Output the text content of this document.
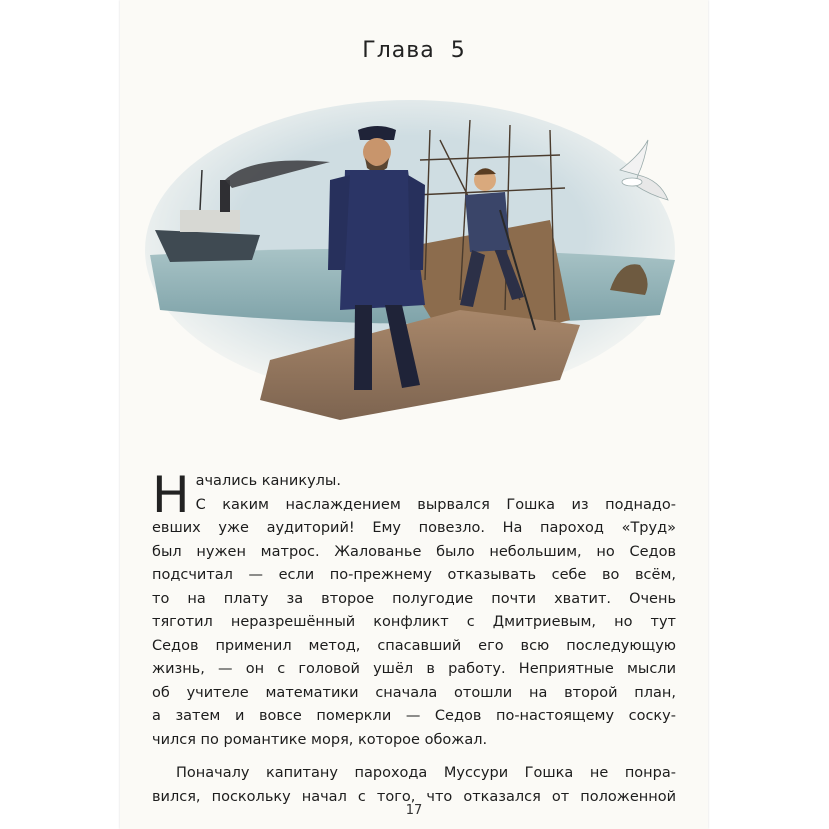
Глава 5

Н ачались каникулы.
С каким наслаждением вырвался Гошка из поднадо-
евших уже аудиторий! Ему повезло. На пароход «Труд»
был нужен матрос. Жалованье было небольшим, но Седов
подсчитал — если по-прежнему отказывать себе во всём,
то на плату за второе полугодие почти хватит. Очень
тяготил неразрешённый конфликт с Дмитриевым, но тут
Седов применил метод, спасавший его всю последующую
жизнь, — он с головой ушёл в работу. Неприятные мысли
об учителе математики сначала отошли на второй план,
а затем и вовсе померкли — Седов по-настоящему соску-
чился по романтике моря, которое обожал.

Поначалу капитану парохода Муссури Гошка не понра-
вился, поскольку начал с того, что отказался от положенной

17
